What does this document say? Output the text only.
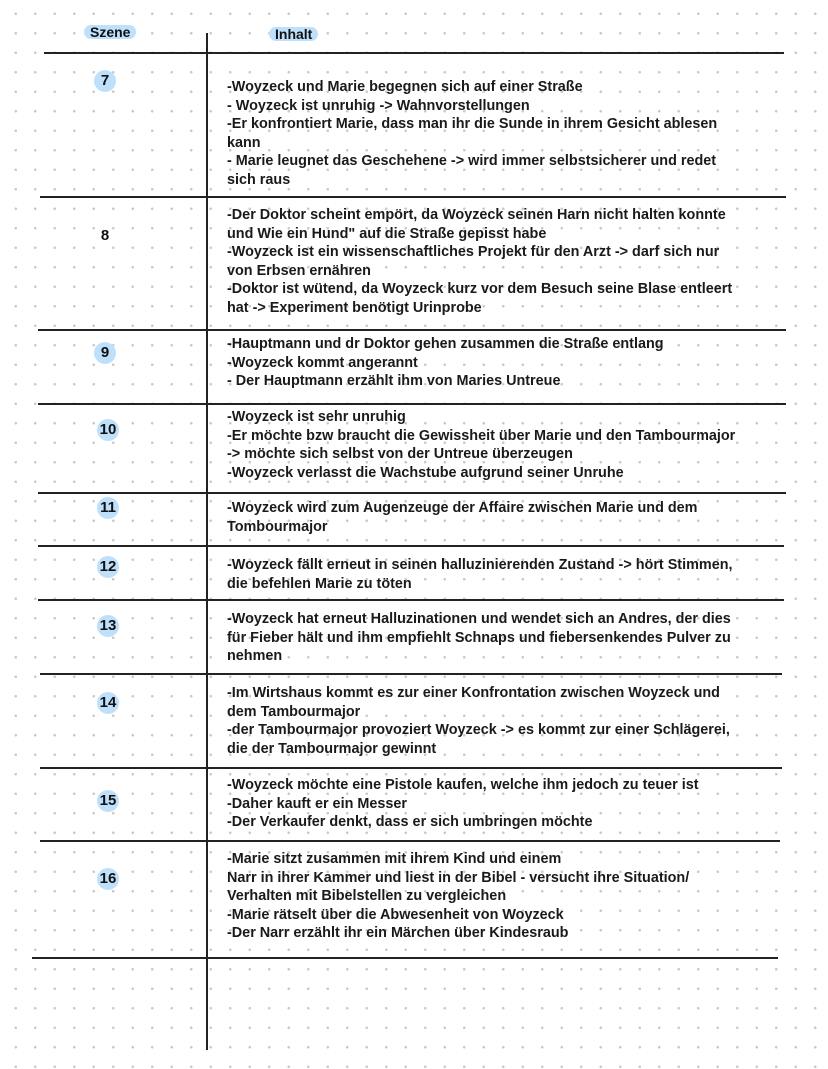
Szene	Inhalt
7	-Woyzeck und Marie begegnen sich auf einer Straße
- Woyzeck ist unruhig -> Wahnvorstellungen
-Er konfrontiert Marie, dass man ihr die Sunde in ihrem Gesicht ablesen
kann
- Marie leugnet das Geschehene -> wird immer selbstsicherer und redet
sich raus
8
-Der Doktor scheint empört, da Woyzeck seinen Harn nicht halten konnte
und Wie ein Hund" auf die Straße gepisst habe
-Woyzeck ist ein wissenschaftliches Projekt für den Arzt -> darf sich nur
von Erbsen ernähren
-Doktor ist wütend, da Woyzeck kurz vor dem Besuch seine Blase entleert
hat -> Experiment benötigt Urinprobe
9	-Hauptmann und dr Doktor gehen zusammen die Straße entlang
-Woyzeck kommt angerannt
- Der Hauptmann erzählt ihm von Maries Untreue
10
-Woyzeck ist sehr unruhig
-Er möchte bzw braucht die Gewissheit über Marie und den Tambourmajor
-> möchte sich selbst von der Untreue überzeugen
-Woyzeck verlasst die Wachstube aufgrund seiner Unruhe
11	-Woyzeck wird zum Augenzeuge der Affaire zwischen Marie und dem
Tombourmajor
12	-Woyzeck fällt erneut in seinen halluzinierenden Zustand -> hört Stimmen,
die befehlen Marie zu töten
13	-Woyzeck hat erneut Halluzinationen und wendet sich an Andres, der dies
für Fieber hält und ihm empfiehlt Schnaps und fiebersenkendes Pulver zu
nehmen
14
-Im Wirtshaus kommt es zur einer Konfrontation zwischen Woyzeck und
dem Tambourmajor
-der Tambourmajor provoziert Woyzeck -> es kommt zur einer Schlägerei,
die der Tambourmajor gewinnt
15
-Woyzeck möchte eine Pistole kaufen, welche ihm jedoch zu teuer ist
-Daher kauft er ein Messer
-Der Verkaufer denkt, dass er sich umbringen möchte
16
-Marie sitzt zusammen mit ihrem Kind und einem
Narr in ihrer Kammer und liest in der Bibel - versucht ihre Situation/
Verhalten mit Bibelstellen zu vergleichen
-Marie rätselt über die Abwesenheit von Woyzeck
-Der Narr erzählt ihr ein Märchen über Kindesraub
